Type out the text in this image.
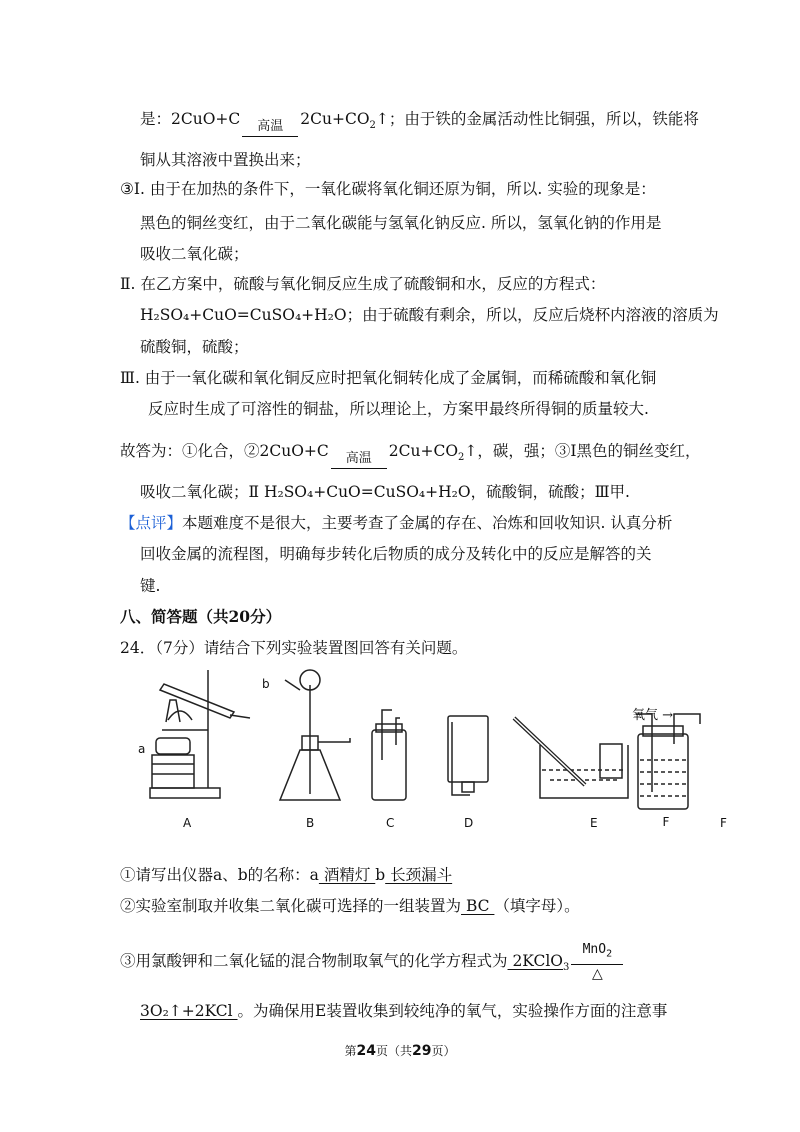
是：2CuO+C	高温	$2Cu+CO_2↑$；由于铁的金属活动性比铜强，所以，铁能将
铜从其溶液中置换出来；
③Ⅰ. 由于在加热的条件下，一氧化碳将氧化铜还原为铜，所以. 实验的现象是：
黑色的铜丝变红，由于二氧化碳能与氢氧化钠反应. 所以，氢氧化钠的作用是
吸收二氧化碳；
Ⅱ. 在乙方案中，硫酸与氧化铜反应生成了硫酸铜和水，反应的方程式：
H₂SO₄+CuO=CuSO₄+H₂O；由于硫酸有剩余，所以，反应后烧杯内溶液的溶质为
硫酸铜，硫酸；
Ⅲ. 由于一氧化碳和氧化铜反应时把氧化铜转化成了金属铜，而稀硫酸和氧化铜
反应时生成了可溶性的铜盐，所以理论上，方案甲最终所得铜的质量较大.
故答为：①化合，②2CuO+C	高温	$2Cu+CO_2↑$，碳，强；③Ⅰ黑色的铜丝变红，
吸收二氧化碳；Ⅱ H₂SO₄+CuO=CuSO₄+H₂O，硫酸铜，硫酸；Ⅲ甲.
【点评】本题难度不是很大，主要考查了金属的存在、冶炼和回收知识. 认真分析
回收金属的流程图，明确每步转化后物质的成分及转化中的反应是解答的关
键.
八、简答题（共20分）
24．（7分）请结合下列实验装置图回答有关问题。
a
b
A	B	C	D	E	F
F
氧气 →
①请写出仪器a、b的名称：a 酒精灯 b 长颈漏斗
②实验室制取并收集二氧化碳可选择的一组装置为 BC （填字母）。
③用氯酸钾和二氧化锰的混合物制取氧气的化学方程式为 2KClO$_3$ $\frac{MnO_2}{\triangle}$
3O₂↑+2KCl 。为确保用E装置收集到较纯净的氧气，实验操作方面的注意事
第24页（共29页）
